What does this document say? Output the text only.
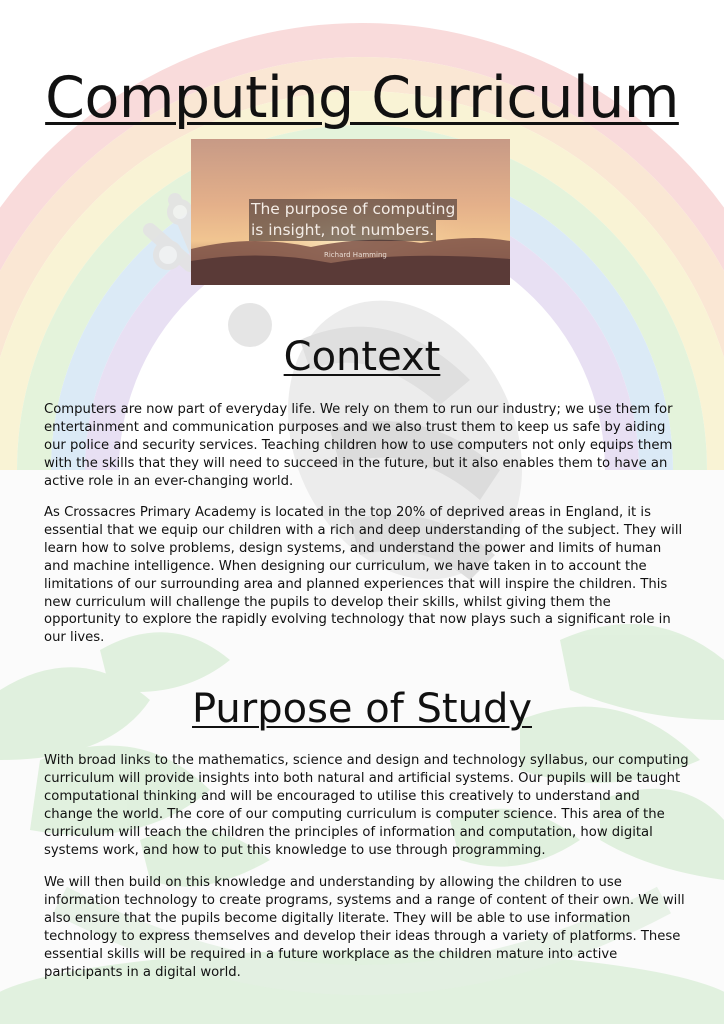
Computing Curriculum
The purpose of computing
is insight, not numbers.
Richard Hamming
Context

Computers are now part of everyday life. We rely on them to run our industry; we use them for entertainment and communication purposes and we also trust them to keep us safe by aiding our police and security services. Teaching children how to use computers not only equips them with the skills that they will need to succeed in the future, but it also enables them to have an active role in an ever-changing world.

As Crossacres Primary Academy is located in the top 20% of deprived areas in England, it is essential that we equip our children with a rich and deep understanding of the subject. They will learn how to solve problems, design systems, and understand the power and limits of human and machine intelligence. When designing our curriculum, we have taken in to account the limitations of our surrounding area and planned experiences that will inspire the children. This new curriculum will challenge the pupils to develop their skills, whilst giving them the opportunity to explore the rapidly evolving technology that now plays such a significant role in our lives.

Purpose of Study

With broad links to the mathematics, science and design and technology syllabus, our computing curriculum will provide insights into both natural and artificial systems. Our pupils will be taught computational thinking and will be encouraged to utilise this creatively to understand and change the world. The core of our computing curriculum is computer science. This area of the curriculum will teach the children the principles of information and computation, how digital systems work, and how to put this knowledge to use through programming.

We will then build on this knowledge and understanding by allowing the children to use information technology to create programs, systems and a range of content of their own. We will also ensure that the pupils become digitally literate. They will be able to use information technology to express themselves and develop their ideas through a variety of platforms. These essential skills will be required in a future workplace as the children mature into active participants in a digital world.
